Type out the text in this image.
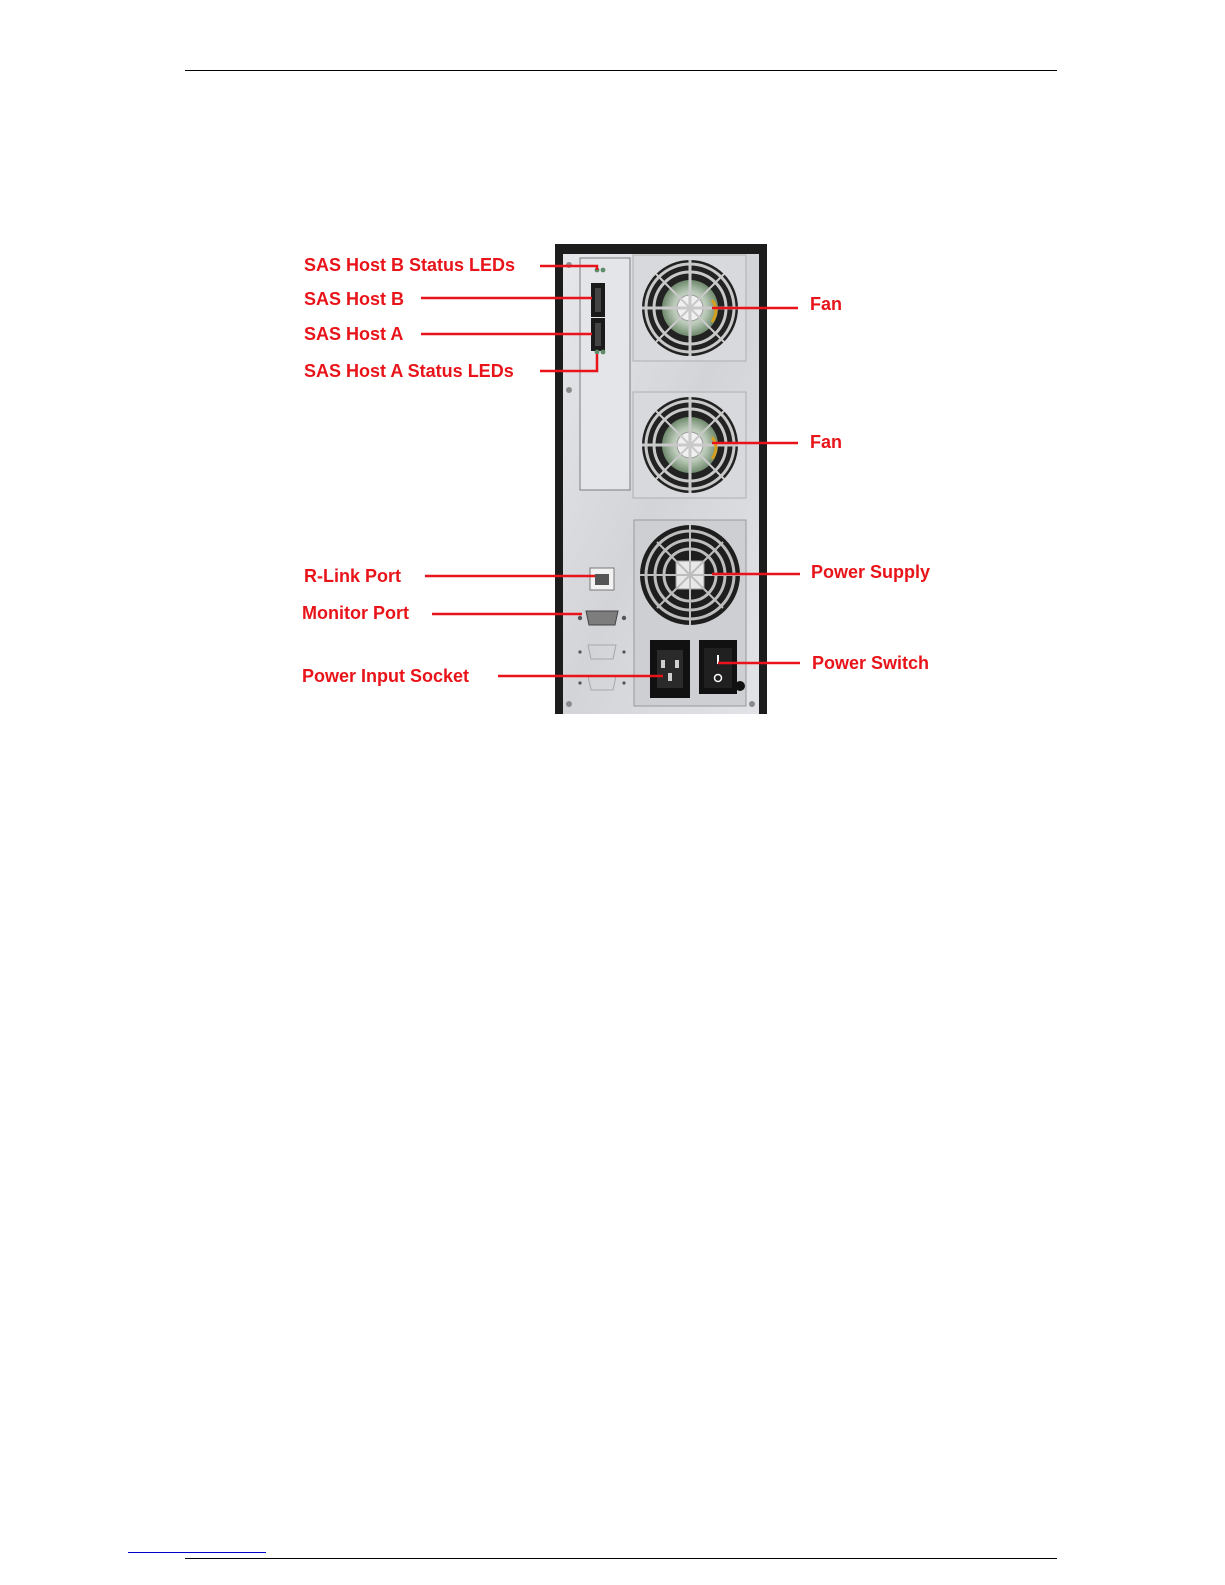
SAS Host B Status LEDs
SAS Host B
SAS Host A
SAS Host A Status LEDs
Fan
Fan
R-Link Port
Monitor Port
Power Supply
Power Input Socket
Power Switch
